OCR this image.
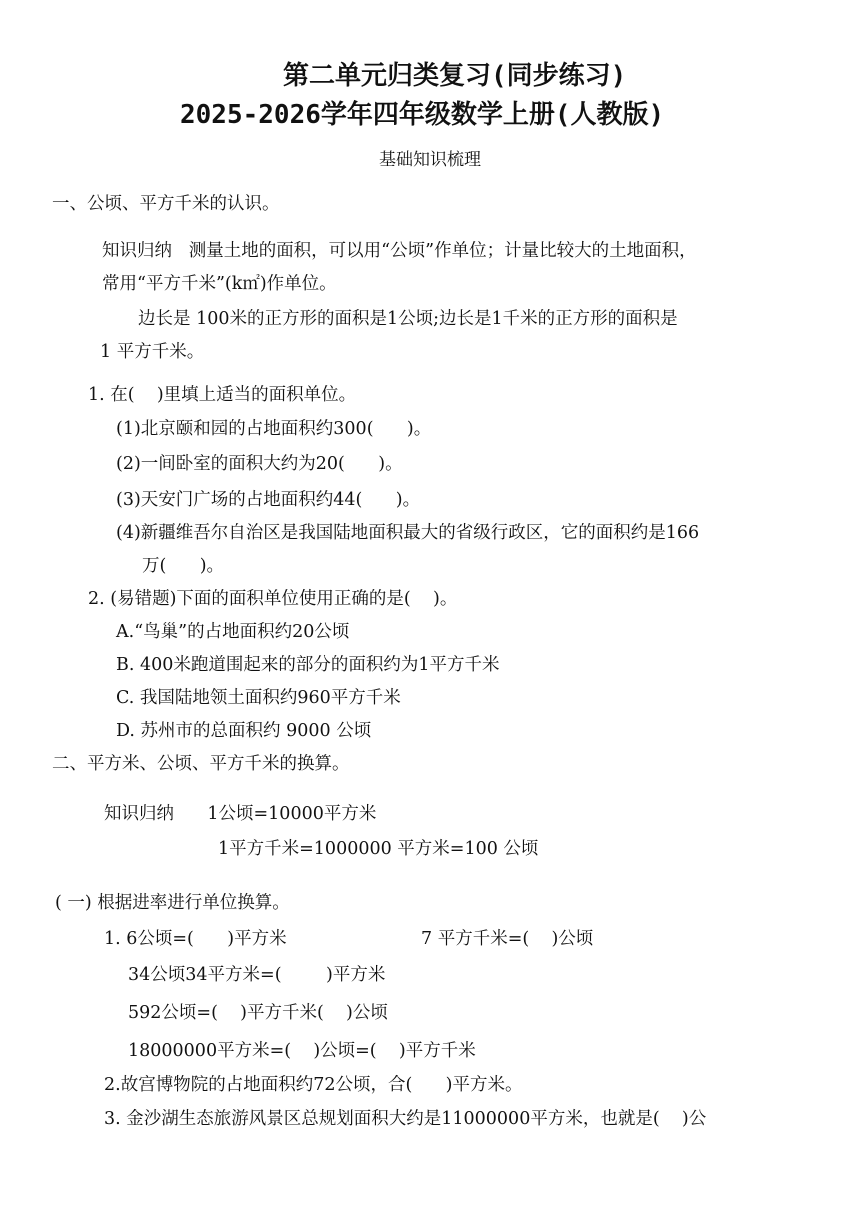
第二单元归类复习(同步练习)
2025-2026学年四年级数学上册(人教版)
基础知识梳理
一、公顷、平方千米的认识。
知识归纳   测量土地的面积，可以用“公顷”作单位；计量比较大的土地面积，
常用“平方千米”(k㎡)作单位。
边长是 100米的正方形的面积是1公顷;边长是1千米的正方形的面积是
1 平方千米。
1. 在(    )里填上适当的面积单位。
(1)北京颐和园的占地面积约300(      )。
(2)一间卧室的面积大约为20(      )。
(3)天安门广场的占地面积约44(      )。
(4)新疆维吾尔自治区是我国陆地面积最大的省级行政区，它的面积约是166
万(      )。
2. (易错题)下面的面积单位使用正确的是(    )。
A.“鸟巢”的占地面积约20公顷
B. 400米跑道围起来的部分的面积约为1平方千米
C. 我国陆地领土面积约960平方千米
D. 苏州市的总面积约 9000 公顷
二、平方米、公顷、平方千米的换算。
知识归纳      1公顷=10000平方米
1平方千米=1000000 平方米=100 公顷
( 一) 根据进率进行单位换算。
1. 6公顷=(      )平方米	7 平方千米=(    )公顷
34公顷34平方米=(        )平方米
592公顷=(    )平方千米(    )公顷
18000000平方米=(    )公顷=(    )平方千米
2.故宫博物院的占地面积约72公顷，合(      )平方米。
3. 金沙湖生态旅游风景区总规划面积大约是11000000平方米，也就是(    )公
